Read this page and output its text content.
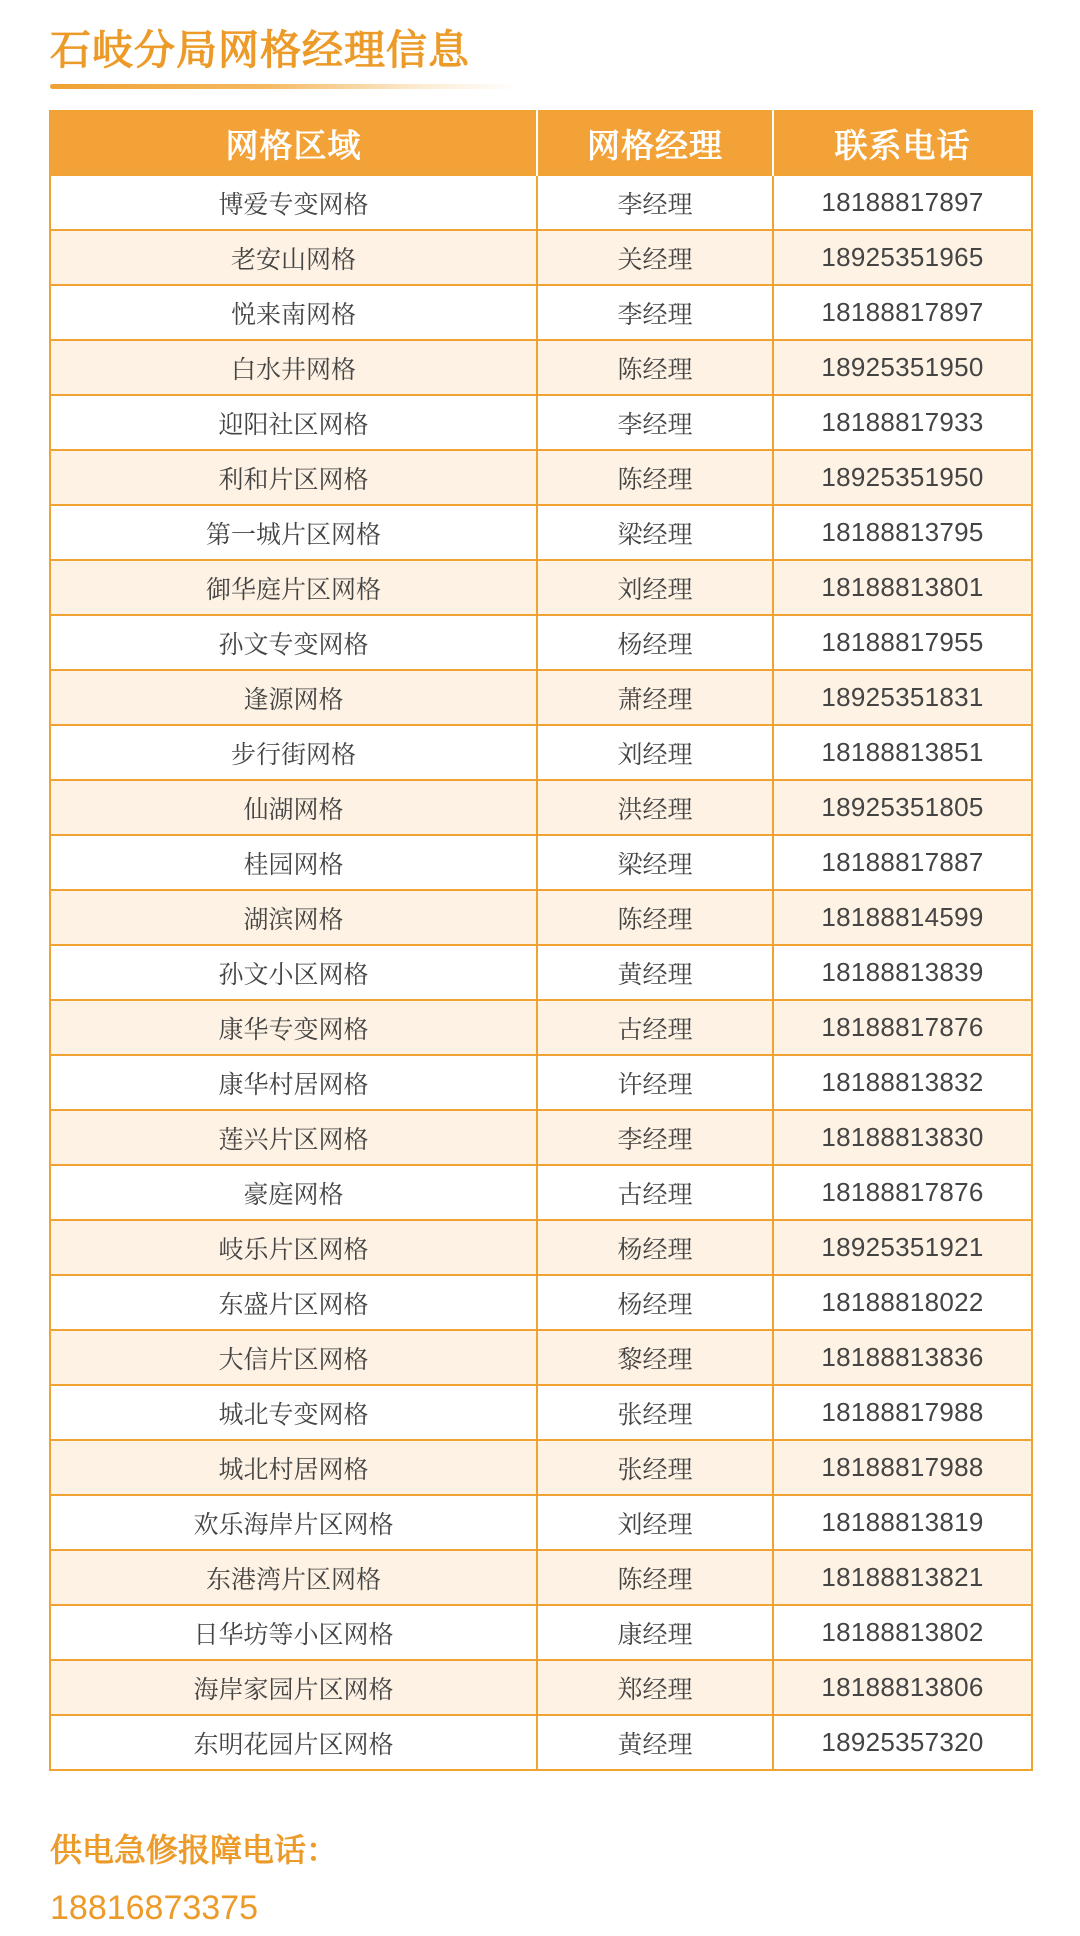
石岐分局网格经理信息
网格区域	网格经理	联系电话
博爱专变网格	李经理	18188817897
老安山网格	关经理	18925351965
悦来南网格	李经理	18188817897
白水井网格	陈经理	18925351950
迎阳社区网格	李经理	18188817933
利和片区网格	陈经理	18925351950
第一城片区网格	梁经理	18188813795
御华庭片区网格	刘经理	18188813801
孙文专变网格	杨经理	18188817955
逢源网格	萧经理	18925351831
步行街网格	刘经理	18188813851
仙湖网格	洪经理	18925351805
桂园网格	梁经理	18188817887
湖滨网格	陈经理	18188814599
孙文小区网格	黄经理	18188813839
康华专变网格	古经理	18188817876
康华村居网格	许经理	18188813832
莲兴片区网格	李经理	18188813830
豪庭网格	古经理	18188817876
岐乐片区网格	杨经理	18925351921
东盛片区网格	杨经理	18188818022
大信片区网格	黎经理	18188813836
城北专变网格	张经理	18188817988
城北村居网格	张经理	18188817988
欢乐海岸片区网格	刘经理	18188813819
东港湾片区网格	陈经理	18188813821
日华坊等小区网格	康经理	18188813802
海岸家园片区网格	郑经理	18188813806
东明花园片区网格	黄经理	18925357320
供电急修报障电话：
18816873375
